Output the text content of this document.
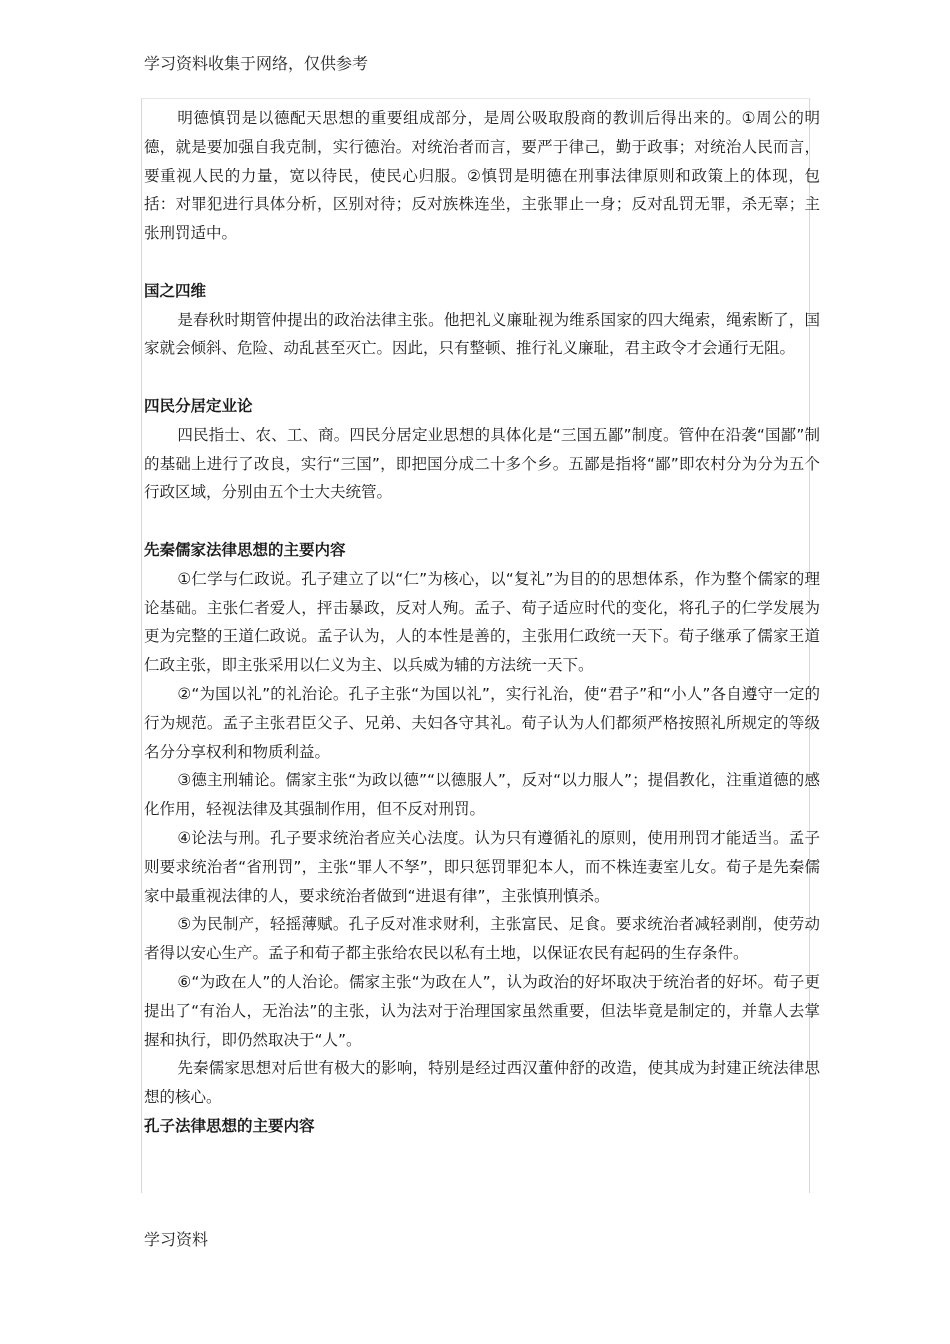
学习资料收集于网络，仅供参考

明德慎罚是以德配天思想的重要组成部分，是周公吸取殷商的教训后得出来的。①周公的明德，就是要加强自我克制，实行德治。对统治者而言，要严于律己，勤于政事；对统治人民而言，要重视人民的力量，宽以待民，使民心归服。②慎罚是明德在刑事法律原则和政策上的体现，包括：对罪犯进行具体分析，区别对待；反对族株连坐，主张罪止一身；反对乱罚无罪，杀无辜；主张刑罚适中。

国之四维

是春秋时期管仲提出的政治法律主张。他把礼义廉耻视为维系国家的四大绳索，绳索断了，国家就会倾斜、危险、动乱甚至灭亡。因此，只有整顿、推行礼义廉耻，君主政令才会通行无阻。

四民分居定业论

四民指士、农、工、商。四民分居定业思想的具体化是“三国五鄙”制度。管仲在沿袭“国鄙”制的基础上进行了改良，实行“三国”，即把国分成二十多个乡。五鄙是指将“鄙”即农村分为分为五个行政区域，分别由五个士大夫统管。

先秦儒家法律思想的主要内容

①仁学与仁政说。孔子建立了以“仁”为核心，以“复礼”为目的的思想体系，作为整个儒家的理论基础。主张仁者爱人，抨击暴政，反对人殉。孟子、荀子适应时代的变化，将孔子的仁学发展为更为完整的王道仁政说。孟子认为，人的本性是善的，主张用仁政统一天下。荀子继承了儒家王道仁政主张，即主张采用以仁义为主、以兵威为辅的方法统一天下。

②“为国以礼”的礼治论。孔子主张“为国以礼”，实行礼治，使“君子”和“小人”各自遵守一定的行为规范。孟子主张君臣父子、兄弟、夫妇各守其礼。荀子认为人们都须严格按照礼所规定的等级名分分享权利和物质利益。

③德主刑辅论。儒家主张“为政以德”“以德服人”，反对“以力服人”；提倡教化，注重道德的感化作用，轻视法律及其强制作用，但不反对刑罚。

④论法与刑。孔子要求统治者应关心法度。认为只有遵循礼的原则，使用刑罚才能适当。孟子则要求统治者“省刑罚”，主张“罪人不孥”，即只惩罚罪犯本人，而不株连妻室儿女。荀子是先秦儒家中最重视法律的人，要求统治者做到“进退有律”，主张慎刑慎杀。

⑤为民制产，轻摇薄赋。孔子反对准求财利，主张富民、足食。要求统治者减轻剥削，使劳动者得以安心生产。孟子和荀子都主张给农民以私有土地，以保证农民有起码的生存条件。

⑥“为政在人”的人治论。儒家主张“为政在人”，认为政治的好坏取决于统治者的好坏。荀子更提出了“有治人，无治法”的主张，认为法对于治理国家虽然重要，但法毕竟是制定的，并靠人去掌握和执行，即仍然取决于“人”。

先秦儒家思想对后世有极大的影响，特别是经过西汉董仲舒的改造，使其成为封建正统法律思想的核心。

孔子法律思想的主要内容
学习资料
